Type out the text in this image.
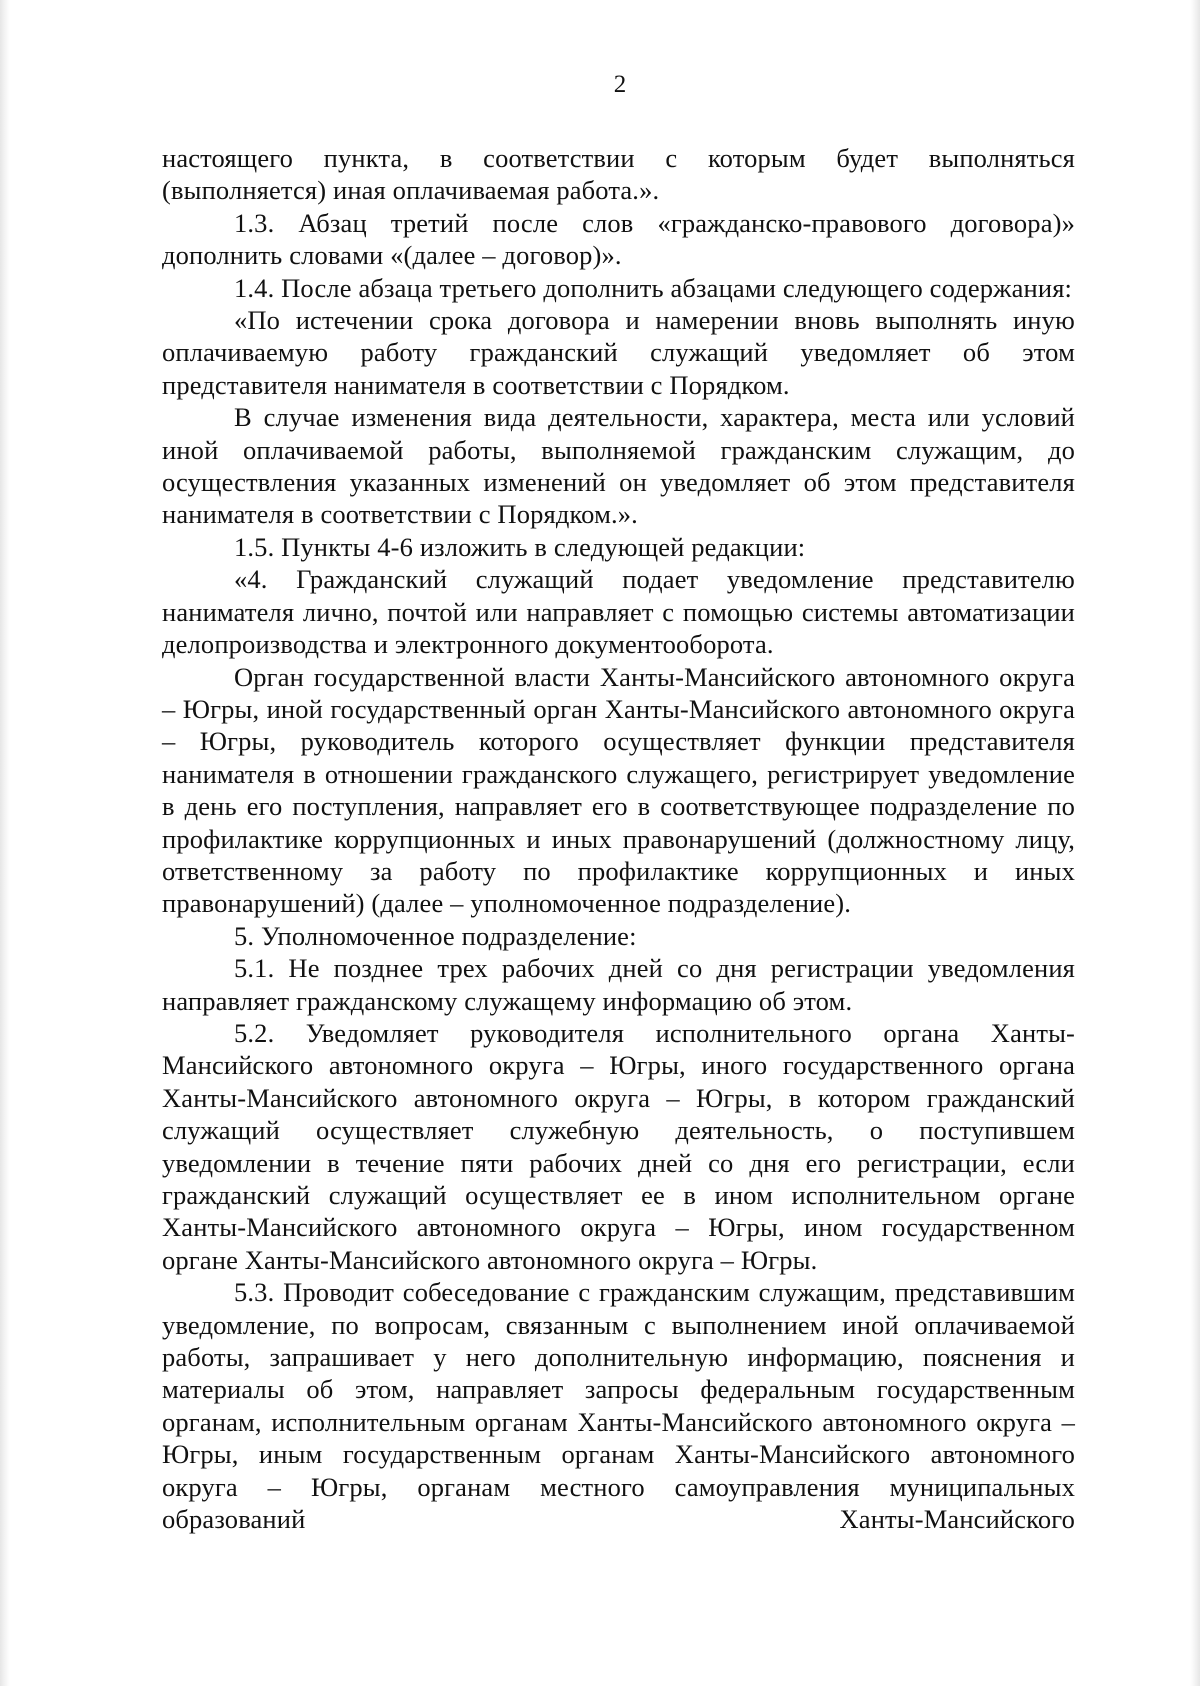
2

настоящего пункта, в соответствии с которым будет выполняться (выполняется) иная оплачиваемая работа.».

1.3. Абзац третий после слов «гражданско-правового договора)» дополнить словами «(далее – договор)».

1.4. После абзаца третьего дополнить абзацами следующего содержания:

«По истечении срока договора и намерении вновь выполнять иную оплачиваемую работу гражданский служащий уведомляет об этом представителя нанимателя в соответствии с Порядком.

В случае изменения вида деятельности, характера, места или условий иной оплачиваемой работы, выполняемой гражданским служащим, до осуществления указанных изменений он уведомляет об этом представителя нанимателя в соответствии с Порядком.».

1.5. Пункты 4-6 изложить в следующей редакции:

«4. Гражданский служащий подает уведомление представителю нанимателя лично, почтой или направляет с помощью системы автоматизации делопроизводства и электронного документооборота.

Орган государственной власти Ханты-Мансийского автономного округа – Югры, иной государственный орган Ханты-Мансийского автономного округа – Югры, руководитель которого осуществляет функции представителя нанимателя в отношении гражданского служащего, регистрирует уведомление в день его поступления, направляет его в соответствующее подразделение по профилактике коррупционных и иных правонарушений (должностному лицу, ответственному за работу по профилактике коррупционных и иных правонарушений) (далее – уполномоченное подразделение).

5. Уполномоченное подразделение:

5.1. Не позднее трех рабочих дней со дня регистрации уведомления направляет гражданскому служащему информацию об этом.

5.2. Уведомляет руководителя исполнительного органа Ханты-Мансийского автономного округа – Югры, иного государственного органа Ханты-Мансийского автономного округа – Югры, в котором гражданский служащий осуществляет служебную деятельность, о поступившем уведомлении в течение пяти рабочих дней со дня его регистрации, если гражданский служащий осуществляет ее в ином исполнительном органе Ханты-Мансийского автономного округа – Югры, ином государственном органе Ханты-Мансийского автономного округа – Югры.

5.3. Проводит собеседование с гражданским служащим, представившим уведомление, по вопросам, связанным с выполнением иной оплачиваемой работы, запрашивает у него дополнительную информацию, пояснения и материалы об этом, направляет запросы федеральным государственным органам, исполнительным органам Ханты-Мансийского автономного округа – Югры, иным государственным органам Ханты-Мансийского автономного округа – Югры, органам местного самоуправления муниципальных образований Ханты-Мансийского
